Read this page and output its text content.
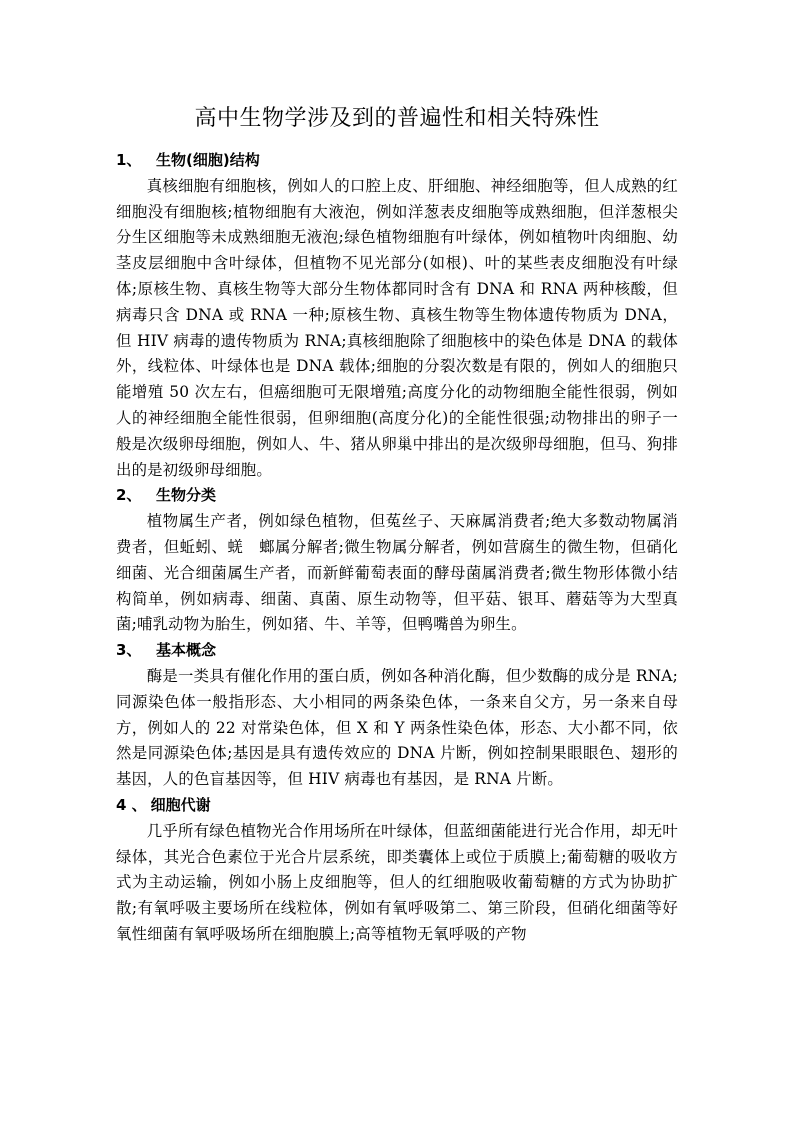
高中生物学涉及到的普遍性和相关特殊性

1、 生物(细胞)结构

真核细胞有细胞核，例如人的口腔上皮、肝细胞、神经细胞等，但人成熟的红细胞没有细胞核;植物细胞有大液泡，例如洋葱表皮细胞等成熟细胞，但洋葱根尖分生区细胞等未成熟细胞无液泡;绿色植物细胞有叶绿体，例如植物叶肉细胞、幼茎皮层细胞中含叶绿体，但植物不见光部分(如根)、叶的某些表皮细胞没有叶绿体;原核生物、真核生物等大部分生物体都同时含有 DNA 和 RNA 两种核酸，但病毒只含 DNA 或 RNA 一种;原核生物、真核生物等生物体遗传物质为 DNA，但 HIV 病毒的遗传物质为 RNA;真核细胞除了细胞核中的染色体是 DNA 的载体外，线粒体、叶绿体也是 DNA 载体;细胞的分裂次数是有限的，例如人的细胞只能增殖 50 次左右，但癌细胞可无限增殖;高度分化的动物细胞全能性很弱，例如人的神经细胞全能性很弱，但卵细胞(高度分化)的全能性很强;动物排出的卵子一般是次级卵母细胞，例如人、牛、猪从卵巢中排出的是次级卵母细胞，但马、狗排出的是初级卵母细胞。

2、 生物分类

植物属生产者，例如绿色植物，但菟丝子、天麻属消费者;绝大多数动物属消费者，但蚯蚓、蜣　螂属分解者;微生物属分解者，例如营腐生的微生物，但硝化细菌、光合细菌属生产者，而新鲜葡萄表面的酵母菌属消费者;微生物形体微小结构简单，例如病毒、细菌、真菌、原生动物等，但平菇、银耳、蘑菇等为大型真菌;哺乳动物为胎生，例如猪、牛、羊等，但鸭嘴兽为卵生。

3、 基本概念

酶是一类具有催化作用的蛋白质，例如各种消化酶，但少数酶的成分是 RNA;同源染色体一般指形态、大小相同的两条染色体，一条来自父方，另一条来自母方，例如人的 22 对常染色体，但 X 和 Y 两条性染色体，形态、大小都不同，依然是同源染色体;基因是具有遗传效应的 DNA 片断，例如控制果眼眼色、翅形的基因，人的色盲基因等，但 HIV 病毒也有基因，是 RNA 片断。

4 、 细胞代谢

几乎所有绿色植物光合作用场所在叶绿体，但蓝细菌能进行光合作用，却无叶绿体，其光合色素位于光合片层系统，即类囊体上或位于质膜上;葡萄糖的吸收方式为主动运输，例如小肠上皮细胞等，但人的红细胞吸收葡萄糖的方式为协助扩散;有氧呼吸主要场所在线粒体，例如有氧呼吸第二、第三阶段，但硝化细菌等好氧性细菌有氧呼吸场所在细胞膜上;高等植物无氧呼吸的产物
